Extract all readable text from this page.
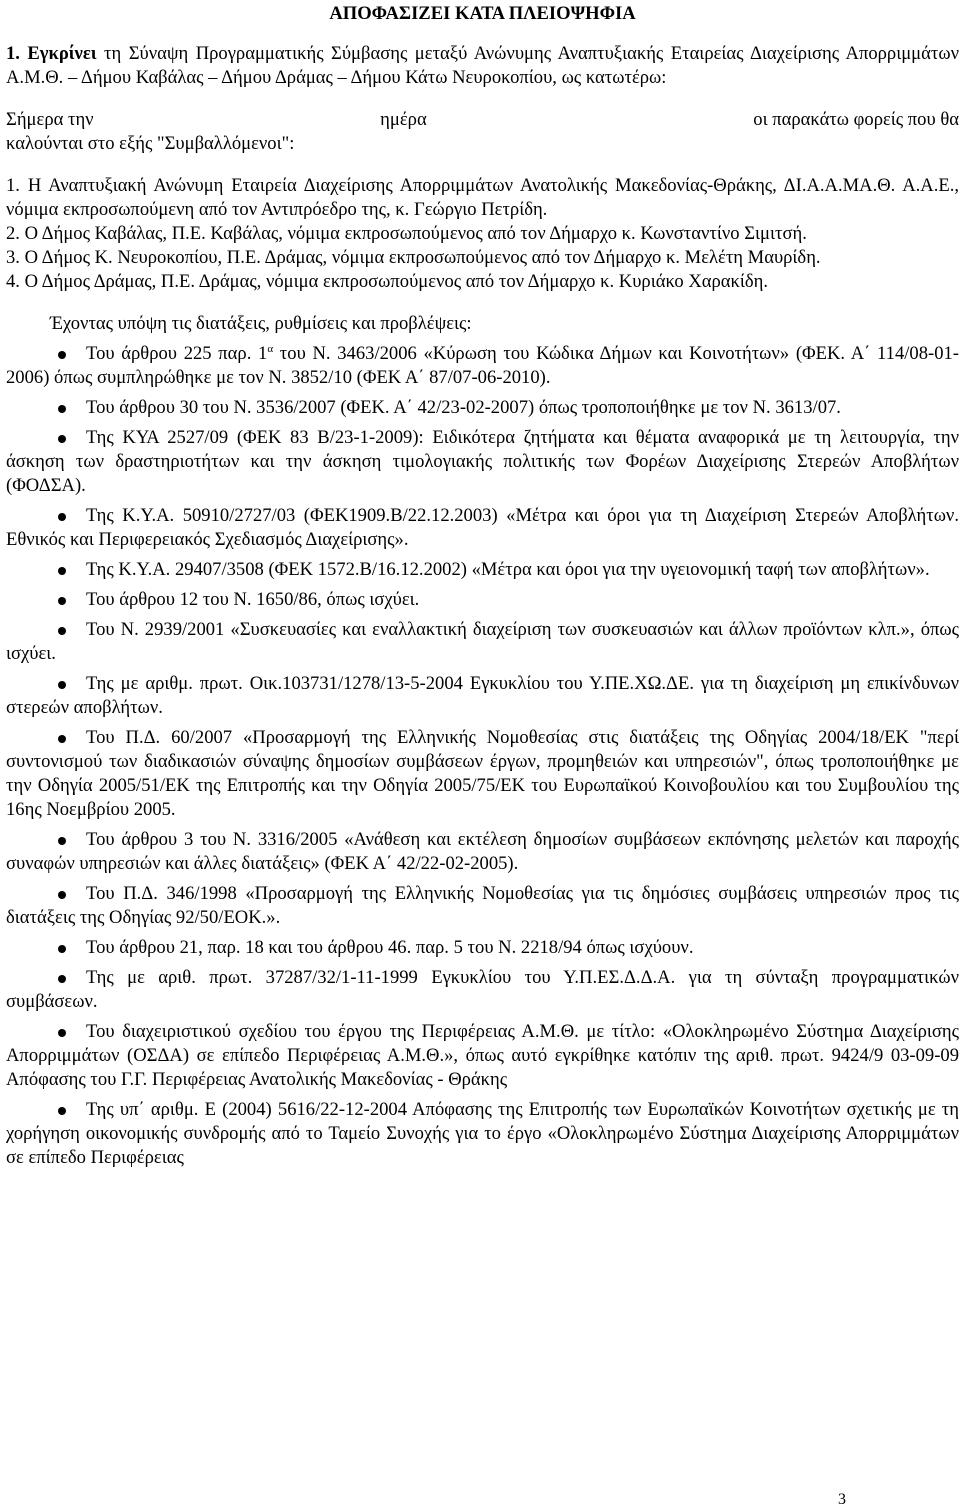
ΑΠΟΦΑΣΙΖΕΙ ΚΑΤΑ ΠΛΕΙΟΨΗΦΙΑ

1. Εγκρίνει τη Σύναψη Προγραμματικής Σύμβασης μεταξύ Ανώνυμης Αναπτυξιακής Εταιρείας Διαχείρισης Απορριμμάτων Α.Μ.Θ. – Δήμου Καβάλας – Δήμου Δράμας – Δήμου Κάτω Νευροκοπίου, ως κατωτέρω:

Σήμερα την	ημέρα	οι παρακάτω φορείς που θα

καλούνται στο εξής "Συμβαλλόμενοι":

1. Η Αναπτυξιακή Ανώνυμη Εταιρεία Διαχείρισης Απορριμμάτων Ανατολικής Μακεδονίας-Θράκης, ΔΙ.Α.Α.ΜΑ.Θ. Α.Α.Ε., νόμιμα εκπροσωπούμενη από τον Αντιπρόεδρο της, κ. Γεώργιο Πετρίδη.

2. Ο Δήμος Καβάλας, Π.Ε. Καβάλας, νόμιμα εκπροσωπούμενος από τον Δήμαρχο κ. Κωνσταντίνο Σιμιτσή.

3. Ο Δήμος Κ. Νευροκοπίου, Π.Ε. Δράμας, νόμιμα εκπροσωπούμενος από τον Δήμαρχο κ. Μελέτη Μαυρίδη.

4. Ο Δήμος Δράμας, Π.Ε. Δράμας, νόμιμα εκπροσωπούμενος από τον Δήμαρχο κ. Κυριάκο Χαρακίδη.

Έχοντας υπόψη τις διατάξεις, ρυθμίσεις και προβλέψεις:

Του άρθρου 225 παρ. $1^\alpha$ του Ν. 3463/2006 «Κύρωση του Κώδικα Δήμων και Κοινοτήτων» (ΦΕΚ. Α΄ 114/08-01-2006) όπως συμπληρώθηκε με τον Ν. 3852/10 (ΦΕΚ Α΄ 87/07-06-2010).
Του άρθρου 30 του Ν. 3536/2007 (ΦΕΚ. Α΄ 42/23-02-2007) όπως τροποποιήθηκε με τον Ν. 3613/07.
Της ΚΥΑ 2527/09 (ΦΕΚ 83 Β/23-1-2009): Ειδικότερα ζητήματα και θέματα αναφορικά με τη λειτουργία, την άσκηση των δραστηριοτήτων και την άσκηση τιμολογιακής πολιτικής των Φορέων Διαχείρισης Στερεών Αποβλήτων (ΦΟΔΣΑ).
Της Κ.Υ.Α. 50910/2727/03 (ΦΕΚ1909.Β/22.12.2003) «Μέτρα και όροι για τη Διαχείριση Στερεών Αποβλήτων. Εθνικός και Περιφερειακός Σχεδιασμός Διαχείρισης».
Της Κ.Υ.Α. 29407/3508 (ΦΕΚ 1572.Β/16.12.2002) «Μέτρα και όροι για την υγειονομική ταφή των αποβλήτων».
Του άρθρου 12 του Ν. 1650/86, όπως ισχύει.
Του Ν. 2939/2001 «Συσκευασίες και εναλλακτική διαχείριση των συσκευασιών και άλλων προϊόντων κλπ.», όπως ισχύει.
Της με αριθμ. πρωτ. Οικ.103731/1278/13-5-2004 Εγκυκλίου του Υ.ΠΕ.ΧΩ.ΔΕ. για τη διαχείριση μη επικίνδυνων στερεών αποβλήτων.
Του Π.Δ. 60/2007 «Προσαρμογή της Ελληνικής Νομοθεσίας στις διατάξεις της Οδηγίας 2004/18/ΕΚ "περί συντονισμού των διαδικασιών σύναψης δημοσίων συμβάσεων έργων, προμηθειών και υπηρεσιών", όπως τροποποιήθηκε με την Οδηγία 2005/51/ΕΚ της Επιτροπής και την Οδηγία 2005/75/ΕΚ του Ευρωπαϊκού Κοινοβουλίου και του Συμβουλίου της 16ης Νοεμβρίου 2005.
Του άρθρου 3 του Ν. 3316/2005 «Ανάθεση και εκτέλεση δημοσίων συμβάσεων εκπόνησης μελετών και παροχής συναφών υπηρεσιών και άλλες διατάξεις» (ΦΕΚ Α΄ 42/22-02-2005).
Του Π.Δ. 346/1998 «Προσαρμογή της Ελληνικής Νομοθεσίας για τις δημόσιες συμβάσεις υπηρεσιών προς τις διατάξεις της Οδηγίας 92/50/ΕΟΚ.».
Του άρθρου 21, παρ. 18 και του άρθρου 46. παρ. 5 του Ν. 2218/94 όπως ισχύουν.
Της με αριθ. πρωτ. 37287/32/1-11-1999 Εγκυκλίου του Υ.Π.ΕΣ.Δ.Δ.Α. για τη σύνταξη προγραμματικών συμβάσεων.
Του διαχειριστικού σχεδίου του έργου της Περιφέρειας Α.Μ.Θ. με τίτλο: «Ολοκληρωμένο Σύστημα Διαχείρισης Απορριμμάτων (ΟΣΔΑ) σε επίπεδο Περιφέρειας Α.Μ.Θ.», όπως αυτό εγκρίθηκε κατόπιν της αριθ. πρωτ. 9424/9 03-09-09 Απόφασης του Γ.Γ. Περιφέρειας Ανατολικής Μακεδονίας - Θράκης
Της υπ΄ αριθμ. Ε (2004) 5616/22-12-2004 Απόφασης της Επιτροπής των Ευρωπαϊκών Κοινοτήτων σχετικής με τη χορήγηση οικονομικής συνδρομής από το Ταμείο Συνοχής για το έργο «Ολοκληρωμένο Σύστημα Διαχείρισης Απορριμμάτων σε επίπεδο Περιφέρειας
3
